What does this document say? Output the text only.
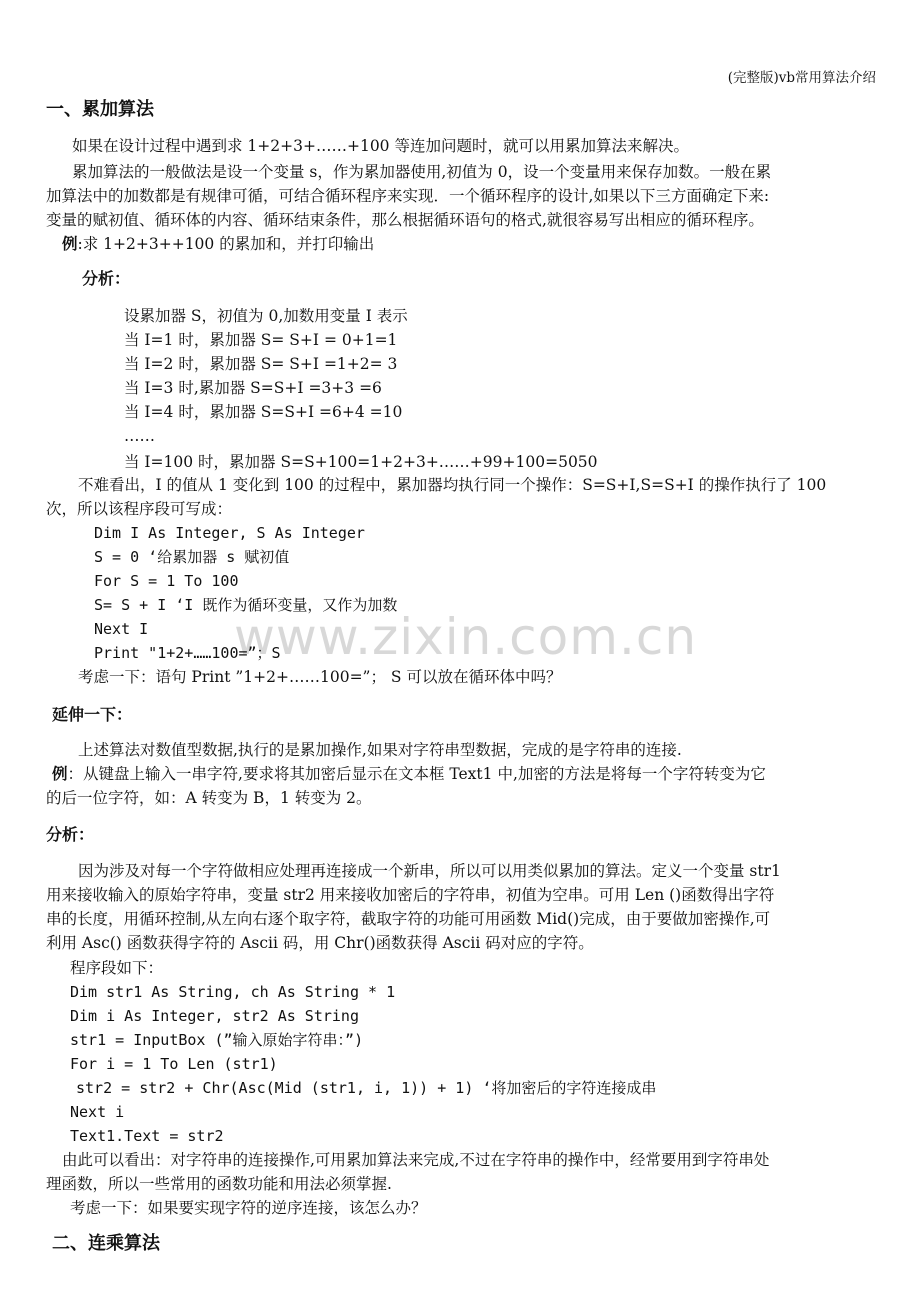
(完整版)vb常用算法介绍
www.zixin.com.cn
一、累加算法
如果在设计过程中遇到求 1+2+3+……+100 等连加问题时，就可以用累加算法来解决。
累加算法的一般做法是设一个变量 s，作为累加器使用,初值为 0，设一个变量用来保存加数。一般在累
加算法中的加数都是有规律可循，可结合循环程序来实现．一个循环程序的设计,如果以下三方面确定下来:
变量的赋初值、循环体的内容、循环结束条件，那么根据循环语句的格式,就很容易写出相应的循环程序。
例:求 1+2+3++100 的累加和，并打印输出
分析：
设累加器 S，初值为 0,加数用变量 I 表示
当 I=1 时，累加器 S= S+I = 0+1=1
当 I=2 时，累加器 S= S+I =1+2= 3
当 I=3 时,累加器 S=S+I =3+3 =6
当 I=4 时，累加器 S=S+I =6+4 =10
……
当 I=100 时，累加器 S=S+100=1+2+3+……+99+100=5050
不难看出，I 的值从 1 变化到 100 的过程中，累加器均执行同一个操作：S=S+I,S=S+I 的操作执行了 100
次，所以该程序段可写成：
Dim I As Integer, S As Integer
S = 0 ‘给累加器 s 赋初值
For S = 1 To 100
S= S + I ‘I 既作为循环变量，又作为加数
Next I
Print "1+2+……100=”；S
考虑一下：语句 Print ”1+2+……100=”； S 可以放在循环体中吗？
延伸一下：
上述算法对数值型数据,执行的是累加操作,如果对字符串型数据，完成的是字符串的连接.
例：从键盘上输入一串字符,要求将其加密后显示在文本框 Text1 中,加密的方法是将每一个字符转变为它
的后一位字符，如：A 转变为 B，1 转变为 2。
分析：
因为涉及对每一个字符做相应处理再连接成一个新串，所以可以用类似累加的算法。定义一个变量 str1
用来接收输入的原始字符串，变量 str2 用来接收加密后的字符串，初值为空串。可用 Len ()函数得出字符
串的长度，用循环控制,从左向右逐个取字符，截取字符的功能可用函数 Mid()完成，由于要做加密操作,可
利用 Asc() 函数获得字符的 Ascii 码，用 Chr()函数获得 Ascii 码对应的字符。
程序段如下：
Dim str1 As String, ch As String * 1
Dim i As Integer, str2 As String
str1 = InputBox (”输入原始字符串：”)
For i = 1 To Len (str1)
str2 = str2 + Chr(Asc(Mid (str1, i, 1)) + 1) ‘将加密后的字符连接成串
Next i
Text1.Text = str2
由此可以看出：对字符串的连接操作,可用累加算法来完成,不过在字符串的操作中，经常要用到字符串处
理函数，所以一些常用的函数功能和用法必须掌握.
考虑一下：如果要实现字符的逆序连接，该怎么办？
二、连乘算法
